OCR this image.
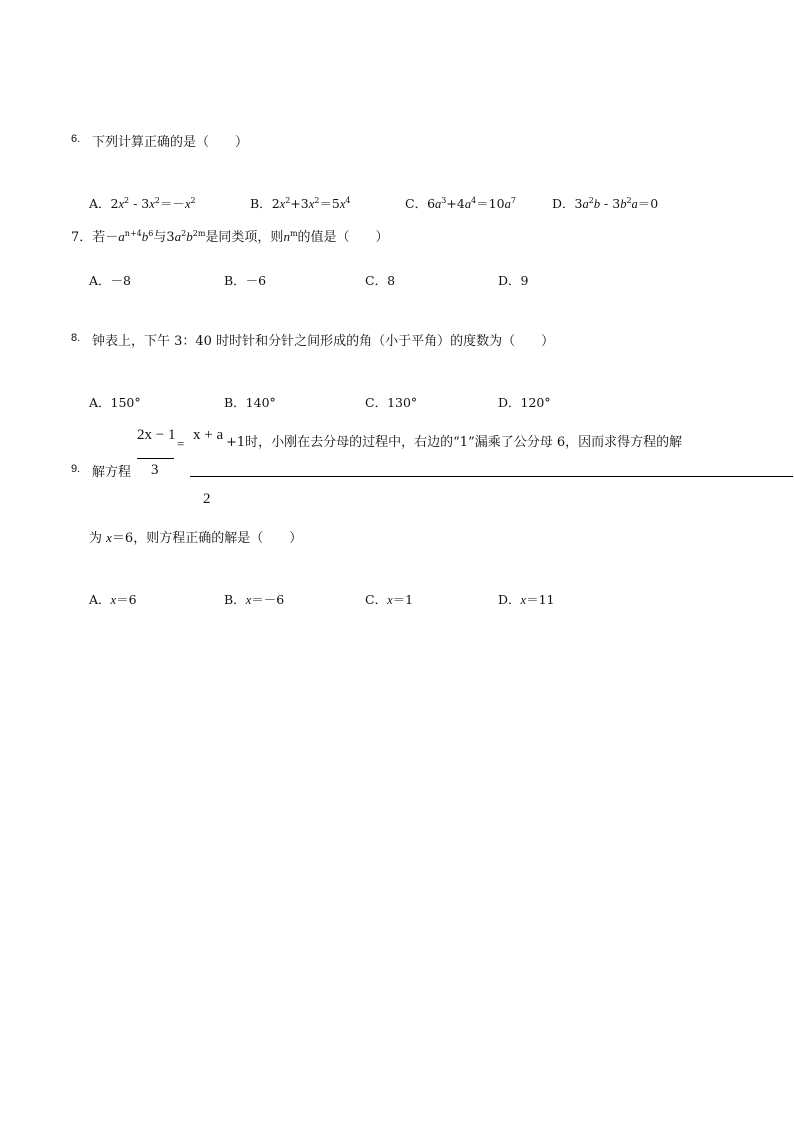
6. 下列计算正确的是（　　）
A．$2x^2 - 3x^2=-x^2$	B．$2x^2+3x^2=5x^4$	C．$6a^3+4a^4=10a^7$	D．$3a^2b - 3b^2a=0$
7．若$-a^{n+4}b^6$与$3a^2b^{2m}$是同类项，则$n^m$的值是（　　）
A．－8	B．－6	C．8	D．9
8. 钟表上，下午 3：40 时时针和分针之间形成的角（小于平角）的度数为（　　）
A．150°	B．140°	C．130°	D．120°
2x − 1
3
=
x + a
2
+1时，小刚在去分母的过程中，右边的“1”漏乘了公分母 6，因而求得方程的解
9. 解方程
为 x＝6，则方程正确的解是（　　）
A．x＝6	B．x＝－6	C．x＝1	D．x＝11
